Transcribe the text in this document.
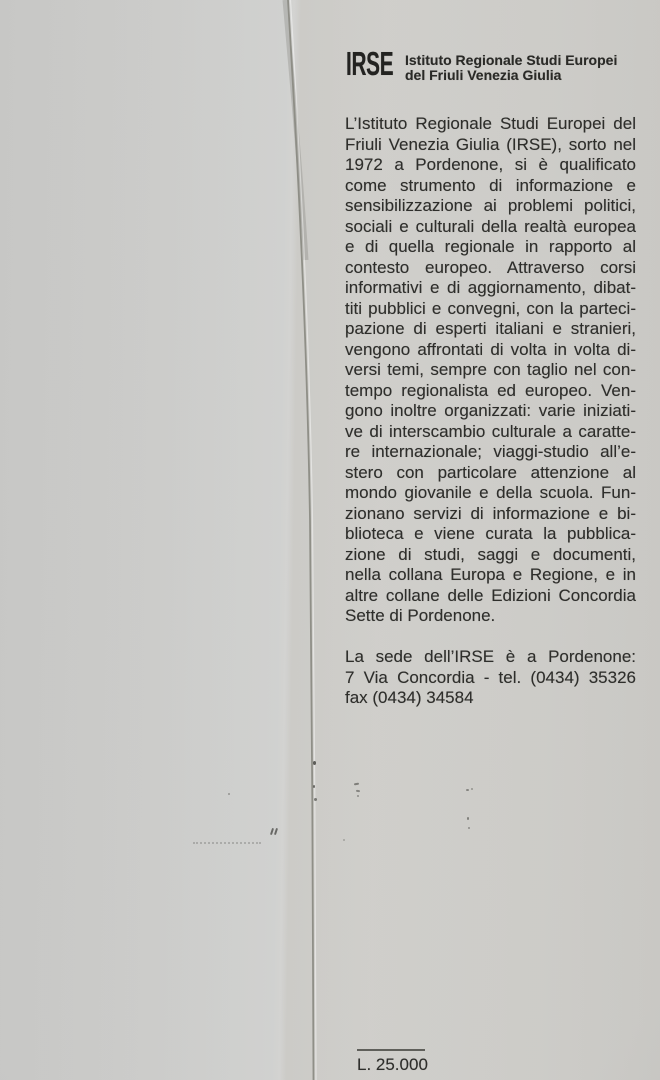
IRSE Istituto Regionale Studi Europei
del Friuli Venezia Giulia
L’Istituto Regionale Studi Europei del
Friuli Venezia Giulia (IRSE), sorto nel
1972 a Pordenone, si è qualificato
come strumento di informazione e
sensibilizzazione ai problemi politici,
sociali e culturali della realtà europea
e di quella regionale in rapporto al
contesto europeo. Attraverso corsi
informativi e di aggiornamento, dibat-
titi pubblici e convegni, con la parteci-
pazione di esperti italiani e stranieri,
vengono affrontati di volta in volta di-
versi temi, sempre con taglio nel con-
tempo regionalista ed europeo. Ven-
gono inoltre organizzati: varie iniziati-
ve di interscambio culturale a caratte-
re internazionale; viaggi-studio all’e-
stero con particolare attenzione al
mondo giovanile e della scuola. Fun-
zionano servizi di informazione e bi-
blioteca e viene curata la pubblica-
zione di studi, saggi e documenti,
nella collana Europa e Regione, e in
altre collane delle Edizioni Concordia
Sette di Pordenone.
La sede dell’IRSE è a Pordenone:
7 Via Concordia - tel. (0434) 35326
fax (0434) 34584
L. 25.000
